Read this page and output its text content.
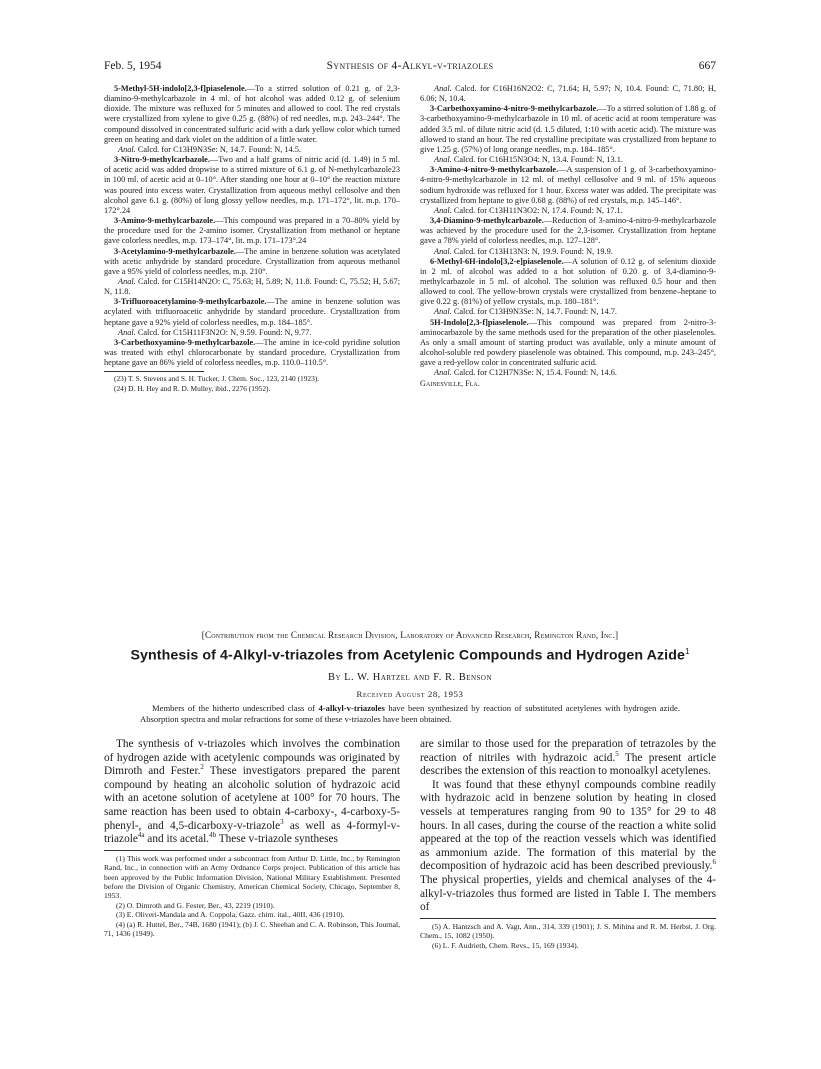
Feb. 5, 1954	Synthesis of 4-Alkyl-v-triazoles	667

5-Methyl-5H-indolo[2,3-f]piaselenole.—To a stirred solution of 0.21 g. of 2,3-diamino-9-methylcarbazole in 4 ml. of hot alcohol was added 0.12 g. of selenium dioxide. The mixture was refluxed for 5 minutes and allowed to cool. The red crystals were crystallized from xylene to give 0.25 g. (88%) of red needles, m.p. 243–244°. The compound dissolved in concentrated sulfuric acid with a dark yellow color which turned green on heating and dark violet on the addition of a little water.

Anal. Calcd. for C13H9N3Se: N, 14.7. Found: N, 14.5.

3-Nitro-9-methylcarbazole.—Two and a half grams of nitric acid (d. 1.49) in 5 ml. of acetic acid was added dropwise to a stirred mixture of 6.1 g. of N-methylcarbazole23 in 100 ml. of acetic acid at 0–10°. After standing one hour at 0–10° the reaction mixture was poured into excess water. Crystallization from aqueous methyl cellosolve and then alcohol gave 6.1 g. (80%) of long glossy yellow needles, m.p. 171–172°, lit. m.p. 170–172°.24

3-Amino-9-methylcarbazole.—This compound was prepared in a 70–80% yield by the procedure used for the 2-amino isomer. Crystallization from methanol or heptane gave colorless needles, m.p. 173–174°, lit. m.p. 171–173°.24

3-Acetylamino-9-methylcarbazole.—The amine in benzene solution was acetylated with acetic anhydride by standard procedure. Crystallization from aqueous methanol gave a 95% yield of colorless needles, m.p. 210°.

Anal. Calcd. for C15H14N2O: C, 75.63; H, 5.89; N, 11.8. Found: C, 75.52; H, 5.67; N, 11.8.

3-Trifluoroacetylamino-9-methylcarbazole.—The amine in benzene solution was acylated with trifluoroacetic anhydride by standard procedure. Crystallization from heptane gave a 92% yield of colorless needles, m.p. 184–185°.

Anal. Calcd. for C15H11F3N2O: N, 9.59. Found: N, 9.77.

3-Carbethoxyamino-9-methylcarbazole.—The amine in ice-cold pyridine solution was treated with ethyl chlorocarbonate by standard procedure. Crystallization from heptane gave an 86% yield of colorless needles, m.p. 110.0–110.5°.

(23) T. S. Stevens and S. H. Tucker, J. Chem. Soc., 123, 2140 (1923).

(24) D. H. Hey and R. D. Mulley, ibid., 2276 (1952).

Anal. Calcd. for C16H16N2O2: C, 71.64; H, 5.97; N, 10.4. Found: C, 71.80; H, 6.06; N, 10.4.

3-Carbethoxyamino-4-nitro-9-methylcarbazole.—To a stirred solution of 1.88 g. of 3-carbethoxyamino-9-methylcarbazole in 10 ml. of acetic acid at room temperature was added 3.5 ml. of dilute nitric acid (d. 1.5 diluted, 1:10 with acetic acid). The mixture was allowed to stand an hour. The red crystalline precipitate was crystallized from heptane to give 1.25 g. (57%) of long orange needles, m.p. 184–185°.

Anal. Calcd. for C16H15N3O4: N, 13.4. Found: N, 13.1.

3-Amino-4-nitro-9-methylcarbazole.—A suspension of 1 g. of 3-carbethoxyamino-4-nitro-9-methylcarbazole in 12 ml. of methyl cellosolve and 9 ml. of 15% aqueous sodium hydroxide was refluxed for 1 hour. Excess water was added. The precipitate was crystallized from heptane to give 0.68 g. (88%) of red crystals, m.p. 145–146°.

Anal. Calcd. for C13H11N3O2: N, 17.4. Found: N, 17.1.

3,4-Diamino-9-methylcarbazole.—Reduction of 3-amino-4-nitro-9-methylcarbazole was achieved by the procedure used for the 2,3-isomer. Crystallization from heptane gave a 78% yield of colorless needles, m.p. 127–128°.

Anal. Calcd. for C13H13N3: N, 19.9. Found: N, 19.9.

6-Methyl-6H-indolo[3,2-e]piaselenole.—A solution of 0.12 g. of selenium dioxide in 2 ml. of alcohol was added to a hot solution of 0.20 g. of 3,4-diamino-9-methylcarbazole in 5 ml. of alcohol. The solution was refluxed 0.5 hour and then allowed to cool. The yellow-brown crystals were crystallized from benzene–heptane to give 0.22 g. (81%) of yellow crystals, m.p. 180–181°.

Anal. Calcd. for C13H9N3Se: N, 14.7. Found: N, 14.7.

5H-Indolo[2,3-f]piaselenole.—This compound was prepared from 2-nitro-3-aminocarbazole by the same methods used for the preparation of the other piaselenoles. As only a small amount of starting product was available, only a minute amount of alcohol-soluble red powdery piaselenole was obtained. This compound, m.p. 243–245°, gave a red-yellow color in concentrated sulfuric acid.

Anal. Calcd. for C12H7N3Se: N, 15.4. Found: N, 14.6.

Gainesville, Fla.

[Contribution from the Chemical Research Division, Laboratory of Advanced Research, Remington Rand, Inc.]
Synthesis of 4-Alkyl-v-triazoles from Acetylenic Compounds and Hydrogen Azide$^1$
By L. W. Hartzel and F. R. Benson
Received August 28, 1953
Members of the hitherto undescribed class of 4-alkyl-v-triazoles have been synthesized by reaction of substituted acetylenes with hydrogen azide. Absorption spectra and molar refractions for some of these v-triazoles have been obtained.

The synthesis of v-triazoles which involves the combination of hydrogen azide with acetylenic compounds was originated by Dimroth and Fester.$^2$ These investigators prepared the parent compound by heating an alcoholic solution of hydrazoic acid with an acetone solution of acetylene at 100° for 70 hours. The same reaction has been used to obtain 4-carboxy-, 4-carboxy-5-phenyl-, and 4,5-dicarboxy-v-triazole$^3$ as well as 4-formyl-v-triazole$^{4a}$ and its acetal.$^{4b}$ These v-triazole syntheses

(1) This work was performed under a subcontract from Arthur D. Little, Inc., by Remington Rand, Inc., in connection with an Army Ordnance Corps project. Publication of this article has been approved by the Public Information Division, National Military Establishment. Presented before the Division of Organic Chemistry, American Chemical Society, Chicago, September 8, 1953.

(2) O. Dimroth and G. Fester, Ber., 43, 2219 (1910).

(3) E. Oliveri-Mandala and A. Coppola, Gazz. chim. ital., 40II, 436 (1910).

(4) (a) R. Huttel, Ber., 74B, 1680 (1941); (b) J. C. Sheehan and C. A. Robinson, This Journal, 71, 1436 (1949).

are similar to those used for the preparation of tetrazoles by the reaction of nitriles with hydrazoic acid.$^5$ The present article describes the extension of this reaction to monoalkyl acetylenes.

It was found that these ethynyl compounds combine readily with hydrazoic acid in benzene solution by heating in closed vessels at temperatures ranging from 90 to 135° for 29 to 48 hours. In all cases, during the course of the reaction a white solid appeared at the top of the reaction vessels which was identified as ammonium azide. The formation of this material by the decomposition of hydrazoic acid has been described previously.$^6$ The physical properties, yields and chemical analyses of the 4-alkyl-v-triazoles thus formed are listed in Table I. The members of

(5) A. Hantzsch and A. Vagt, Ann., 314, 339 (1901); J. S. Mihina and R. M. Herbst, J. Org. Chem., 15, 1082 (1950).

(6) L. F. Audrieth, Chem. Revs., 15, 169 (1934).
